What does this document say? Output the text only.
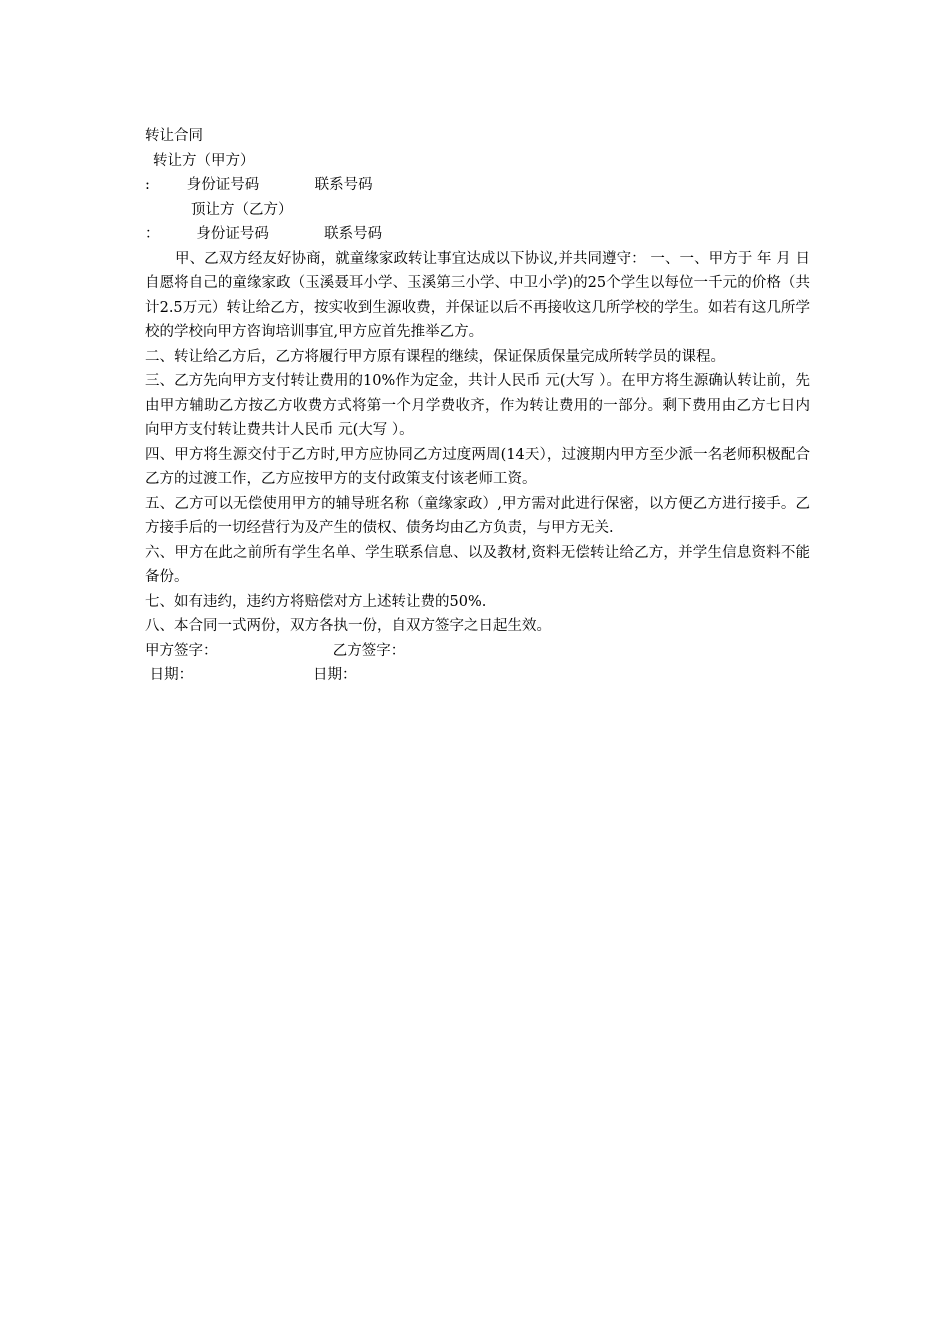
转让合同
转让方（甲方）
:        身份证号码            联系号码
顶让方（乙方）
：        身份证号码            联系号码
甲、乙双方经友好协商，就童缘家政转让事宜达成以下协议,并共同遵守： 一、一、甲方于 年 月 日自愿将自己的童缘家政（玉溪聂耳小学、玉溪第三小学、中卫小学)的25个学生以每位一千元的价格（共计2.5万元）转让给乙方，按实收到生源收费，并保证以后不再接收这几所学校的学生。如若有这几所学校的学校向甲方咨询培训事宜,甲方应首先推举乙方。
二、转让给乙方后，乙方将履行甲方原有课程的继续，保证保质保量完成所转学员的课程。
三、乙方先向甲方支付转让费用的10%作为定金，共计人民币 元(大写 ）。在甲方将生源确认转让前，先由甲方辅助乙方按乙方收费方式将第一个月学费收齐，作为转让费用的一部分。剩下费用由乙方七日内向甲方支付转让费共计人民币 元(大写 ）。
四、甲方将生源交付于乙方时,甲方应协同乙方过度两周(14天），过渡期内甲方至少派一名老师积极配合乙方的过渡工作，乙方应按甲方的支付政策支付该老师工资。
五、乙方可以无偿使用甲方的辅导班名称（童缘家政）,甲方需对此进行保密，以方便乙方进行接手。乙方接手后的一切经营行为及产生的债权、债务均由乙方负责，与甲方无关.
六、甲方在此之前所有学生名单、学生联系信息、以及教材,资料无偿转让给乙方，并学生信息资料不能备份。
七、如有违约，违约方将赔偿对方上述转让费的50%.
八、本合同一式两份，双方各执一份，自双方签字之日起生效。
甲方签字：                         乙方签字：
日期：                          日期：
